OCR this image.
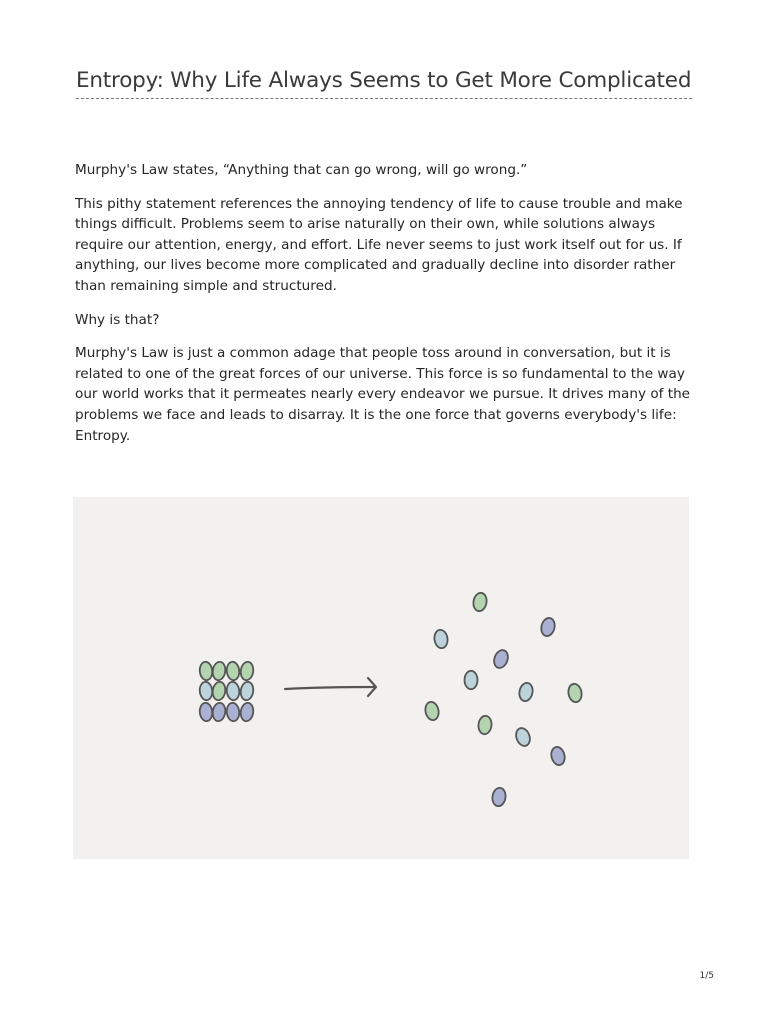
Entropy: Why Life Always Seems to Get More Complicated

Murphy's Law states, “Anything that can go wrong, will go wrong.”

This pithy statement references the annoying tendency of life to cause trouble and make things difficult. Problems seem to arise naturally on their own, while solutions always require our attention, energy, and effort. Life never seems to just work itself out for us. If anything, our lives become more complicated and gradually decline into disorder rather than remaining simple and structured.

Why is that?

Murphy's Law is just a common adage that people toss around in conversation, but it is related to one of the great forces of our universe. This force is so fundamental to the way our world works that it permeates nearly every endeavor we pursue. It drives many of the problems we face and leads to disarray. It is the one force that governs everybody's life: Entropy.

1/5
